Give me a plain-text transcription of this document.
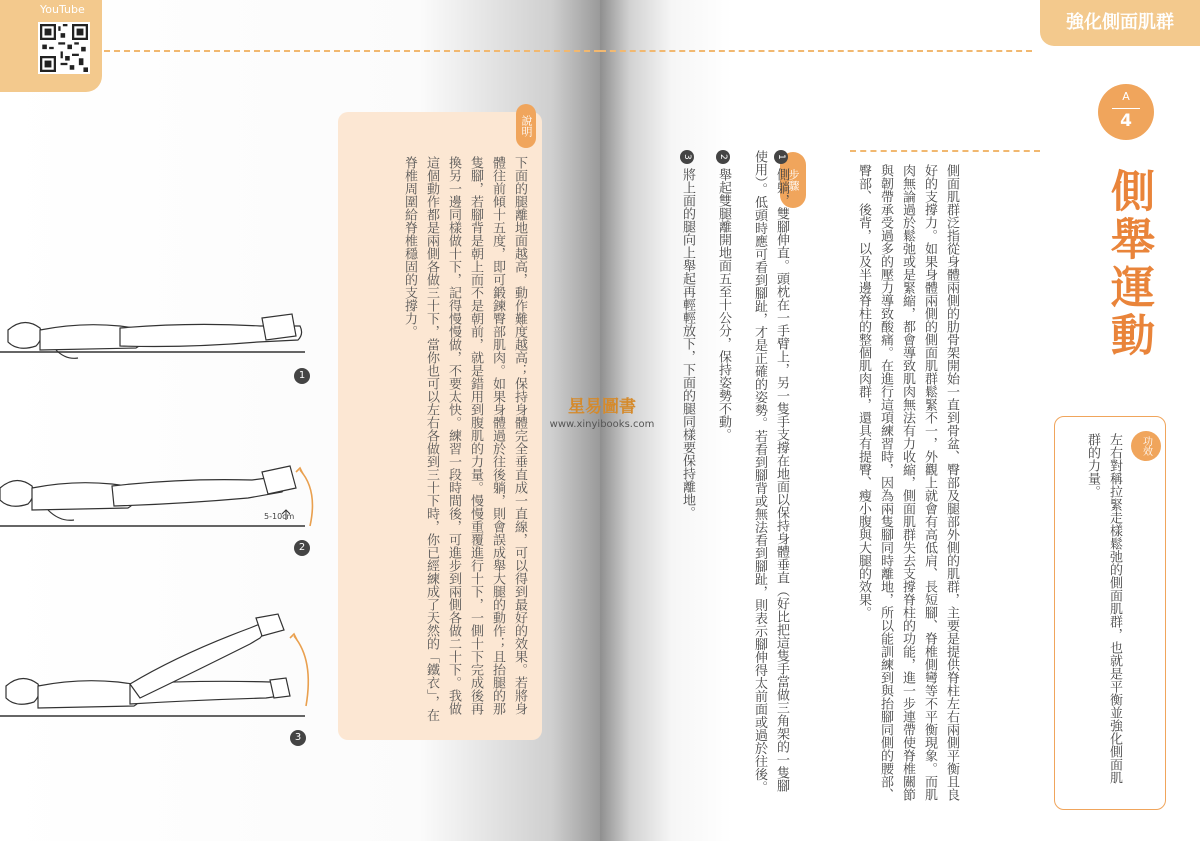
YouTube
1
5-10cm
2
3
說明
下面的腿離地面越高，動作難度越高；保持身體完全垂直成一直線，可以得到最好的效果。若將身體往前傾十五度，即可鍛鍊臀部肌肉。如果身體過於往後躺，則會誤成舉大腿的動作；且抬腿的那隻腳，若腳背是朝上而不是朝前，就是錯用到腹肌的力量。慢慢重覆進行十下，一側十下完成後再換另一邊同樣做十下，記得慢慢做，不要太快。練習一段時間後，可進步到兩側各做二十下。我做這個動作都是兩側各做三十下，當你也可以左右各做到三十下時，你已經練成了天然的「鐵衣」，在脊椎周圍給脊椎穩固的支撐力。
強化側面肌群
A
4
側舉運動
功效
左右對稱拉緊走樣鬆弛的側面肌群，也就是平衡並強化側面肌群的力量。
側面肌群泛指從身體兩側的肋骨架開始一直到骨盆、臀部及腿部外側的肌群，主要是提供脊柱左右兩側平衡且良好的支撐力。如果身體兩側的側面肌群鬆緊不一，外觀上就會有高低肩、長短腳、脊椎側彎等不平衡現象。而肌肉無論過於鬆弛或是緊縮，都會導致肌肉無法有力收縮，側面肌群失去支撐脊柱的功能，進一步連帶使脊椎關節與韌帶承受過多的壓力導致酸痛。在進行這項練習時，因為兩隻腳同時離地，所以能訓練到與抬腳同側的腰部、臀部、後背，以及半邊脊柱的整個肌肉群，還具有提臀、瘦小腹與大腿的效果。
步驟
1 側躺，雙腳伸直。頭枕在一手臂上，另一隻手支撐在地面以保持身體垂直（好比把這隻手當做三角架的一隻腳使用）。低頭時應可看到腳趾，才是正確的姿勢。若看到腳背或無法看到腳趾，則表示腳伸得太前面或過於往後。
2 舉起雙腿離開地面五至十公分，保持姿勢不動。
3 將上面的腿向上舉起再輕輕放下，下面的腿同樣要保持離地。
星易圖書
www.xinyibooks.com
